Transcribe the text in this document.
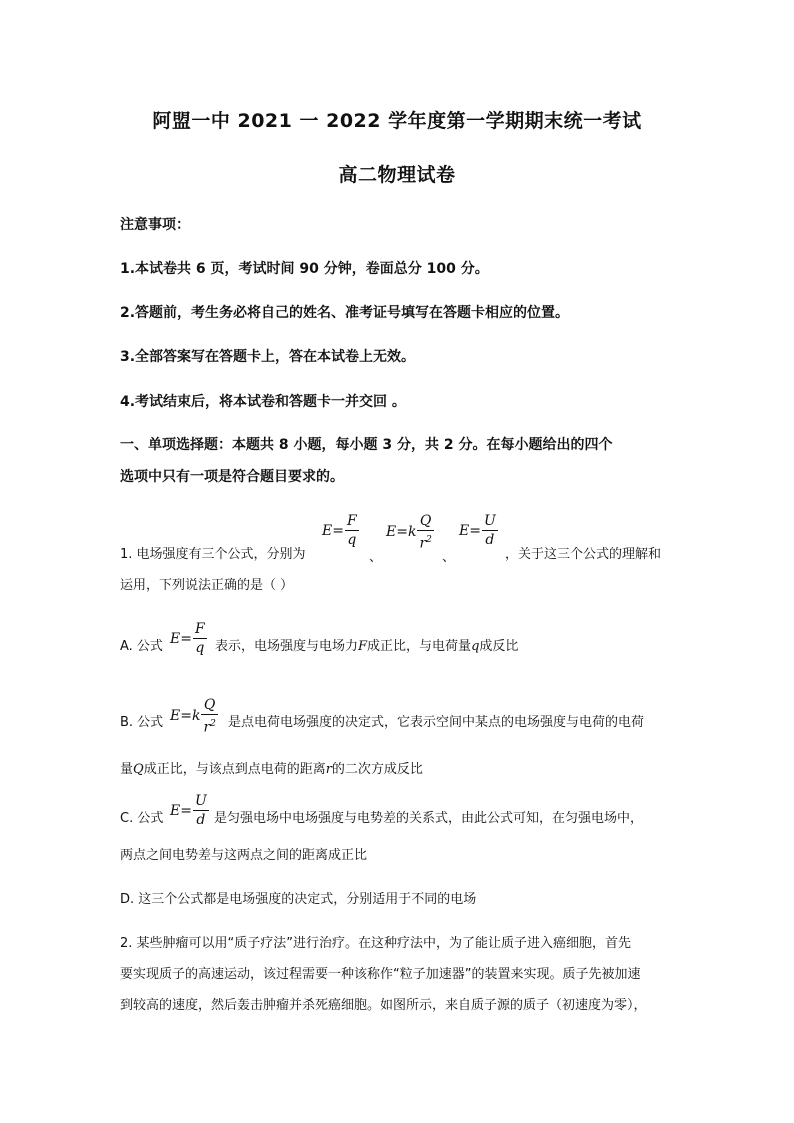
阿盟一中 2021 一 2022 学年度第一学期期末统一考试
高二物理试卷
注意事项：
1.本试卷共 6 页，考试时间 90 分钟，卷面总分 100 分。
2.答题前，考生务必将自己的姓名、准考证号填写在答题卡相应的位置。
3.全部答案写在答题卡上，答在本试卷上无效。
4.考试结束后，将本试卷和答题卡一并交回 。
一、单项选择题：本题共 8 小题，每小题 3 分，共 2 分。在每小题给出的四个
选项中只有一项是符合题目要求的。
1. 电场强度有三个公式，分别为
$E= \frac{F}{q}$
、
$E=k \frac{Q}{r^2}$
、
$E= \frac{U}{d}$
，关于这三个公式的理解和
运用，下列说法正确的是（ ）
A. 公式 $E= \frac{F}{q}$ 表示，电场强度与电场力F成正比，与电荷量q成反比
B. 公式 $E=k \frac{Q}{r^2}$ 是点电荷电场强度的决定式，它表示空间中某点的电场强度与电荷的电荷
量Q成正比，与该点到点电荷的距离r的二次方成反比
C. 公式 $E= \frac{U}{d}$ 是匀强电场中电场强度与电势差的关系式，由此公式可知，在匀强电场中，
两点之间电势差与这两点之间的距离成正比
D. 这三个公式都是电场强度的决定式，分别适用于不同的电场
2. 某些肿瘤可以用“质子疗法”进行治疗。在这种疗法中，为了能让质子进入癌细胞，首先
要实现质子的高速运动，该过程需要一种该称作“粒子加速器”的装置来实现。质子先被加速
到较高的速度，然后轰击肿瘤并杀死癌细胞。如图所示，来自质子源的质子（初速度为零），
